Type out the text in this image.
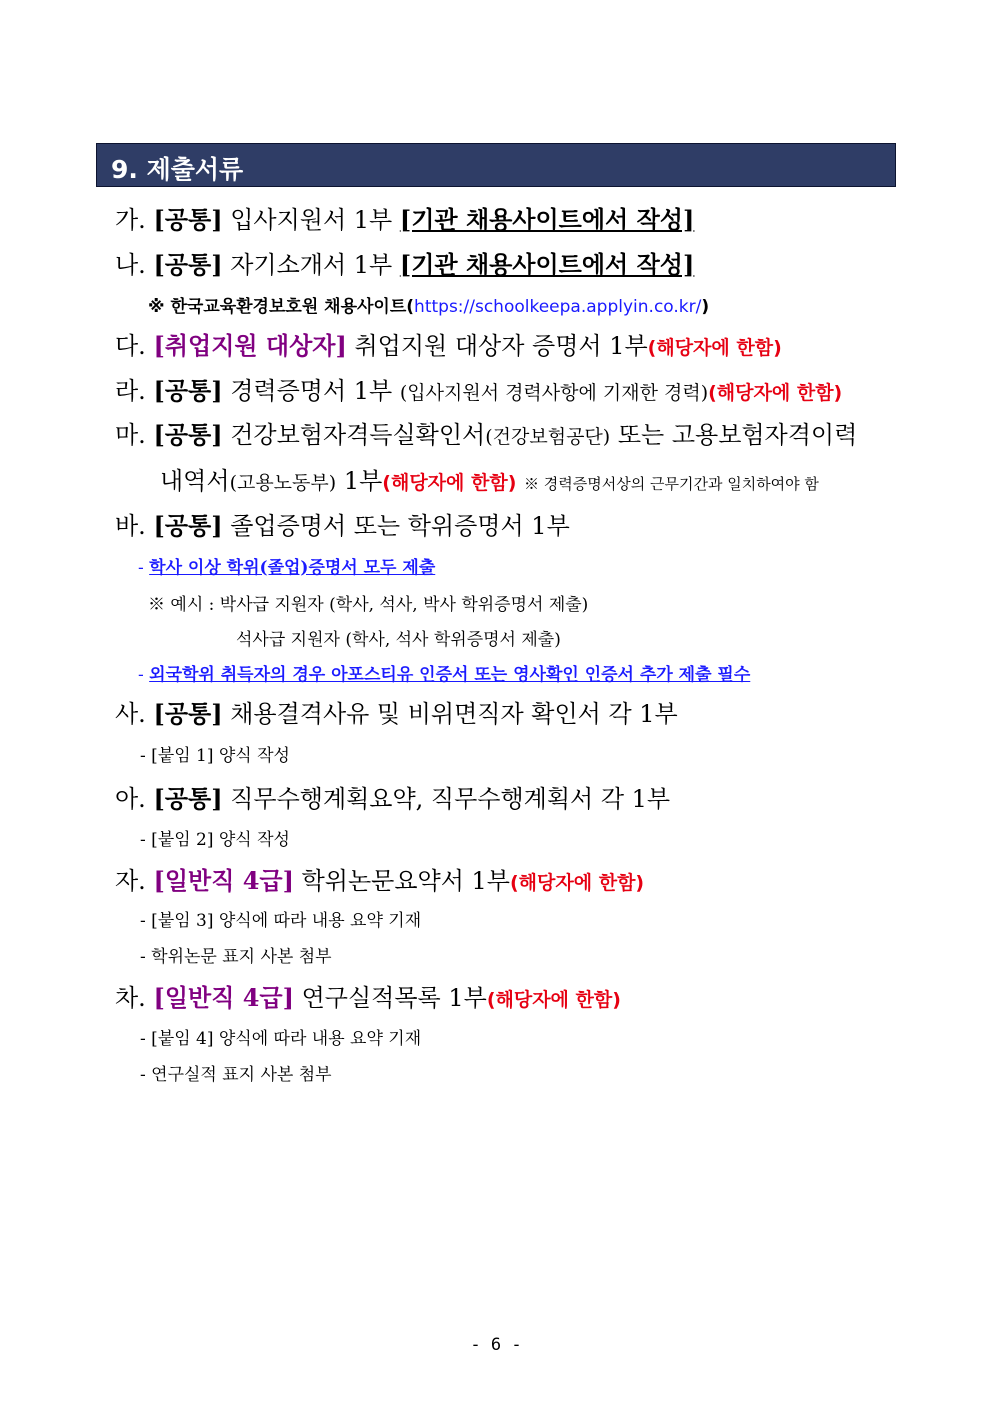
9. 제출서류
가. [공통] 입사지원서 1부 [기관 채용사이트에서 작성]
나. [공통] 자기소개서 1부 [기관 채용사이트에서 작성]
※ 한국교육환경보호원 채용사이트(https://schoolkeepa.applyin.co.kr/)
다. [취업지원 대상자] 취업지원 대상자 증명서 1부(해당자에 한함)
라. [공통] 경력증명서 1부 (입사지원서 경력사항에 기재한 경력)(해당자에 한함)
마. [공통] 건강보험자격득실확인서(건강보험공단) 또는 고용보험자격이력
내역서(고용노동부) 1부(해당자에 한함) ※ 경력증명서상의 근무기간과 일치하여야 함
바. [공통] 졸업증명서 또는 학위증명서 1부
- 학사 이상 학위(졸업)증명서 모두 제출
※ 예시 : 박사급 지원자 (학사, 석사, 박사 학위증명서 제출)
석사급 지원자 (학사, 석사 학위증명서 제출)
- 외국학위 취득자의 경우 아포스티유 인증서 또는 영사확인 인증서 추가 제출 필수
사. [공통] 채용결격사유 및 비위면직자 확인서 각 1부
- [붙임 1] 양식 작성
아. [공통] 직무수행계획요약, 직무수행계획서 각 1부
- [붙임 2] 양식 작성
자. [일반직 4급] 학위논문요약서 1부(해당자에 한함)
- [붙임 3] 양식에 따라 내용 요약 기재
- 학위논문 표지 사본 첨부
차. [일반직 4급] 연구실적목록 1부(해당자에 한함)
- [붙임 4] 양식에 따라 내용 요약 기재
- 연구실적 표지 사본 첨부
- 6 -
